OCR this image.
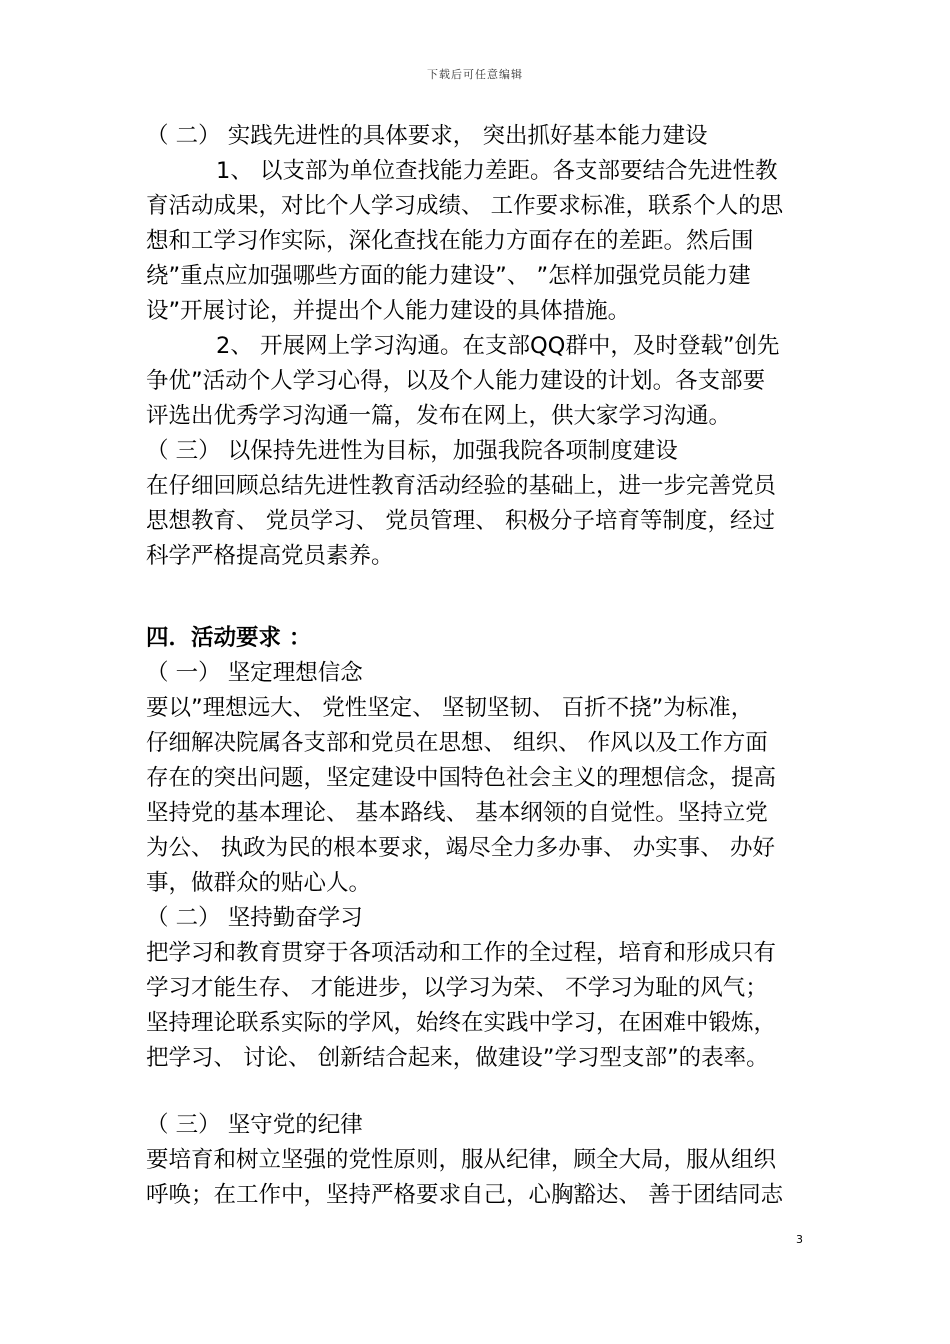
下载后可任意编辑
（ 二） 实践先进性的具体要求， 突出抓好基本能力建设
1、 以支部为单位查找能力差距。各支部要结合先进性教
育活动成果，对比个人学习成绩、 工作要求标准，联系个人的思
想和工学习作实际，深化查找在能力方面存在的差距。然后围
绕”重点应加强哪些方面的能力建设”、 ”怎样加强党员能力建
设”开展讨论，并提出个人能力建设的具体措施。
2、 开展网上学习沟通。在支部QQ群中，及时登载”创先
争优”活动个人学习心得，以及个人能力建设的计划。各支部要
评选出优秀学习沟通一篇，发布在网上，供大家学习沟通。
（ 三） 以保持先进性为目标，加强我院各项制度建设
在仔细回顾总结先进性教育活动经验的基础上，进一步完善党员
思想教育、 党员学习、 党员管理、 积极分子培育等制度，经过
科学严格提高党员素养。
四．活动要求 ：
（ 一） 坚定理想信念
要以”理想远大、 党性坚定、 坚韧坚韧、 百折不挠”为标准，
仔细解决院属各支部和党员在思想、 组织、 作风以及工作方面
存在的突出问题，坚定建设中国特色社会主义的理想信念，提高
坚持党的基本理论、 基本路线、 基本纲领的自觉性。坚持立党
为公、 执政为民的根本要求，竭尽全力多办事、 办实事、 办好
事，做群众的贴心人。
（ 二） 坚持勤奋学习
把学习和教育贯穿于各项活动和工作的全过程，培育和形成只有
学习才能生存、 才能进步，以学习为荣、 不学习为耻的风气；
坚持理论联系实际的学风，始终在实践中学习，在困难中锻炼，
把学习、 讨论、 创新结合起来，做建设”学习型支部”的表率。
（ 三） 坚守党的纪律
要培育和树立坚强的党性原则，服从纪律，顾全大局，服从组织
呼唤；在工作中，坚持严格要求自己，心胸豁达、 善于团结同志
3
